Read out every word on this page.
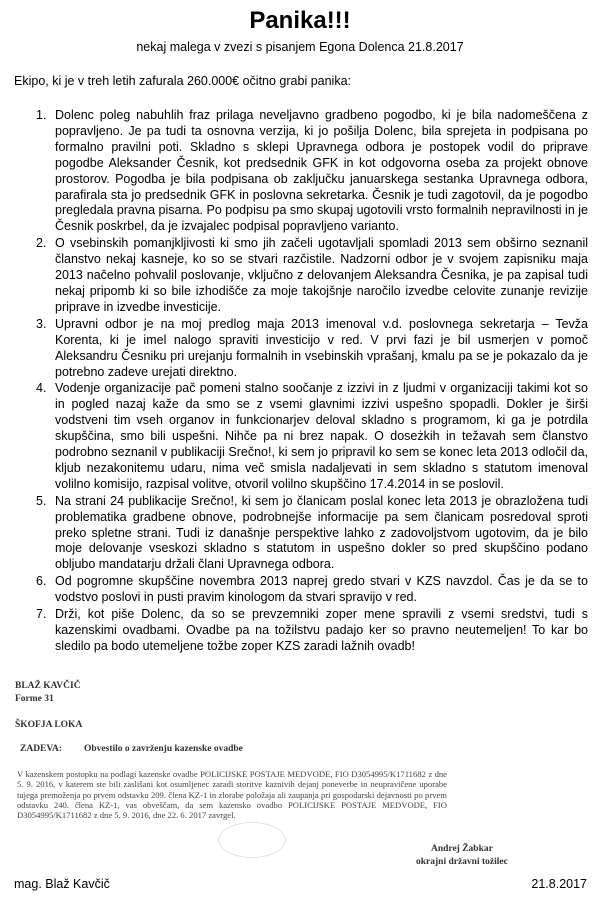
Panika!!!
nekaj malega v zvezi s pisanjem Egona Dolenca 21.8.2017
Ekipo, ki je v treh letih zafurala 260.000€ očitno grabi panika:
1. Dolenc poleg nabuhlih fraz prilaga neveljavno gradbeno pogodbo, ki je bila nadomeščena z popravljeno. Je pa tudi ta osnovna verzija, ki jo pošilja Dolenc, bila sprejeta in podpisana po formalno pravilni poti. Skladno s sklepi Upravnega odbora je postopek vodil do priprave pogodbe Aleksander Česnik, kot predsednik GFK in kot odgovorna oseba za projekt obnove prostorov. Pogodba je bila podpisana ob zaključku januarskega sestanka Upravnega odbora, parafirala sta jo predsednik GFK in poslovna sekretarka. Česnik je tudi zagotovil, da je pogodbo pregledala pravna pisarna. Po podpisu pa smo skupaj ugotovili vrsto formalnih nepravilnosti in je Česnik poskrbel, da je izvajalec podpisal popravljeno varianto.
2. O vsebinskih pomanjkljivosti ki smo jih začeli ugotavljali spomladi 2013 sem obširno seznanil članstvo nekaj kasneje, ko so se stvari razčistile. Nadzorni odbor je v svojem zapisniku maja 2013 načelno pohvalil poslovanje, vključno z delovanjem Aleksandra Česnika, je pa zapisal tudi nekaj pripomb ki so bile izhodišče za moje takojšnje naročilo izvedbe celovite zunanje revizije priprave in izvedbe investicije.
3. Upravni odbor je na moj predlog maja 2013 imenoval v.d. poslovnega sekretarja – Tevža Korenta, ki je imel nalogo spraviti investicijo v red. V prvi fazi je bil usmerjen v pomoč Aleksandru Česniku pri urejanju formalnih in vsebinskih vprašanj, kmalu pa se je pokazalo da je potrebno zadeve urejati direktno.
4. Vodenje organizacije pač pomeni stalno soočanje z izzivi in z ljudmi v organizaciji takimi kot so in pogled nazaj kaže da smo se z vsemi glavnimi izzivi uspešno spopadli. Dokler je širši vodstveni tim vseh organov in funkcionarjev deloval skladno s programom, ki ga je potrdila skupščina, smo bili uspešni. Nihče pa ni brez napak. O doseżkih in težavah sem članstvo podrobno seznanil v publikaciji Srečno!, ki sem jo pripravil ko sem se konec leta 2013 odločil da, kljub nezakonitemu udaru, nima več smisla nadaljevati in sem skladno s statutom imenoval volilno komisijo, razpisal volitve, otvoril volilno skupščino 17.4.2014 in se poslovil.
5. Na strani 24 publikacije Srečno!, ki sem jo članicam poslal konec leta 2013 je obrazložena tudi problematika gradbene obnove, podrobnejše informacije pa sem članicam posredoval sproti preko spletne strani. Tudi iz današnje perspektive lahko z zadovoljstvom ugotovim, da je bilo moje delovanje vseskozi skladno s statutom in uspešno dokler so pred skupščino podano obljubo mandatarju držali člani Upravnega odbora.
6. Od pogromne skupščine novembra 2013 naprej gredo stvari v KZS navzdol. Čas je da se to vodstvo poslovi in pusti pravim kinologom da stvari spravijo v red.
7. Drži, kot piše Dolenc, da so se prevzemniki zoper mene spravili z vsemi sredstvi, tudi s kazenskimi ovadbami. Ovadbe pa na tožilstvu padajo ker so pravno neutemeljen! To kar bo sledilo pa bodo utemeljene tožbe zoper KZS zaradi lažnih ovadb!
BLAŽ KAVČIČ
Forme 31
ŠKOFJA LOKA
ZADEVA: Obvestilo o zavrženju kazenske ovadbe
V kazenskem postopku na podlagi kazenske ovadbe POLICIJSKE POSTAJE MEDVODE, FIO D3054995/K1711682 z dne 5. 9. 2016, v katerem ste bili zaslišani kot osumljenec zaradi storitve kaznivih dejanj poneverbe in neupravičene uporabe tujega premoženja po prvem odstavku 209. člena KZ-1 in zlorabe položaja ali zaupanja pri gospodarski dejavnosti po prvem odstavku 240. člena KZ-1, vas obveščam, da sem kazensko ovadbo POLICIJSKE POSTAJE MEDVODE, FIO D3054995/K1711682 z dne 5. 9. 2016, dne 22. 6. 2017 zavrgel.
Andrej Žabkar
okrajni državni tožilec
mag. Blaž Kavčič	21.8.2017
